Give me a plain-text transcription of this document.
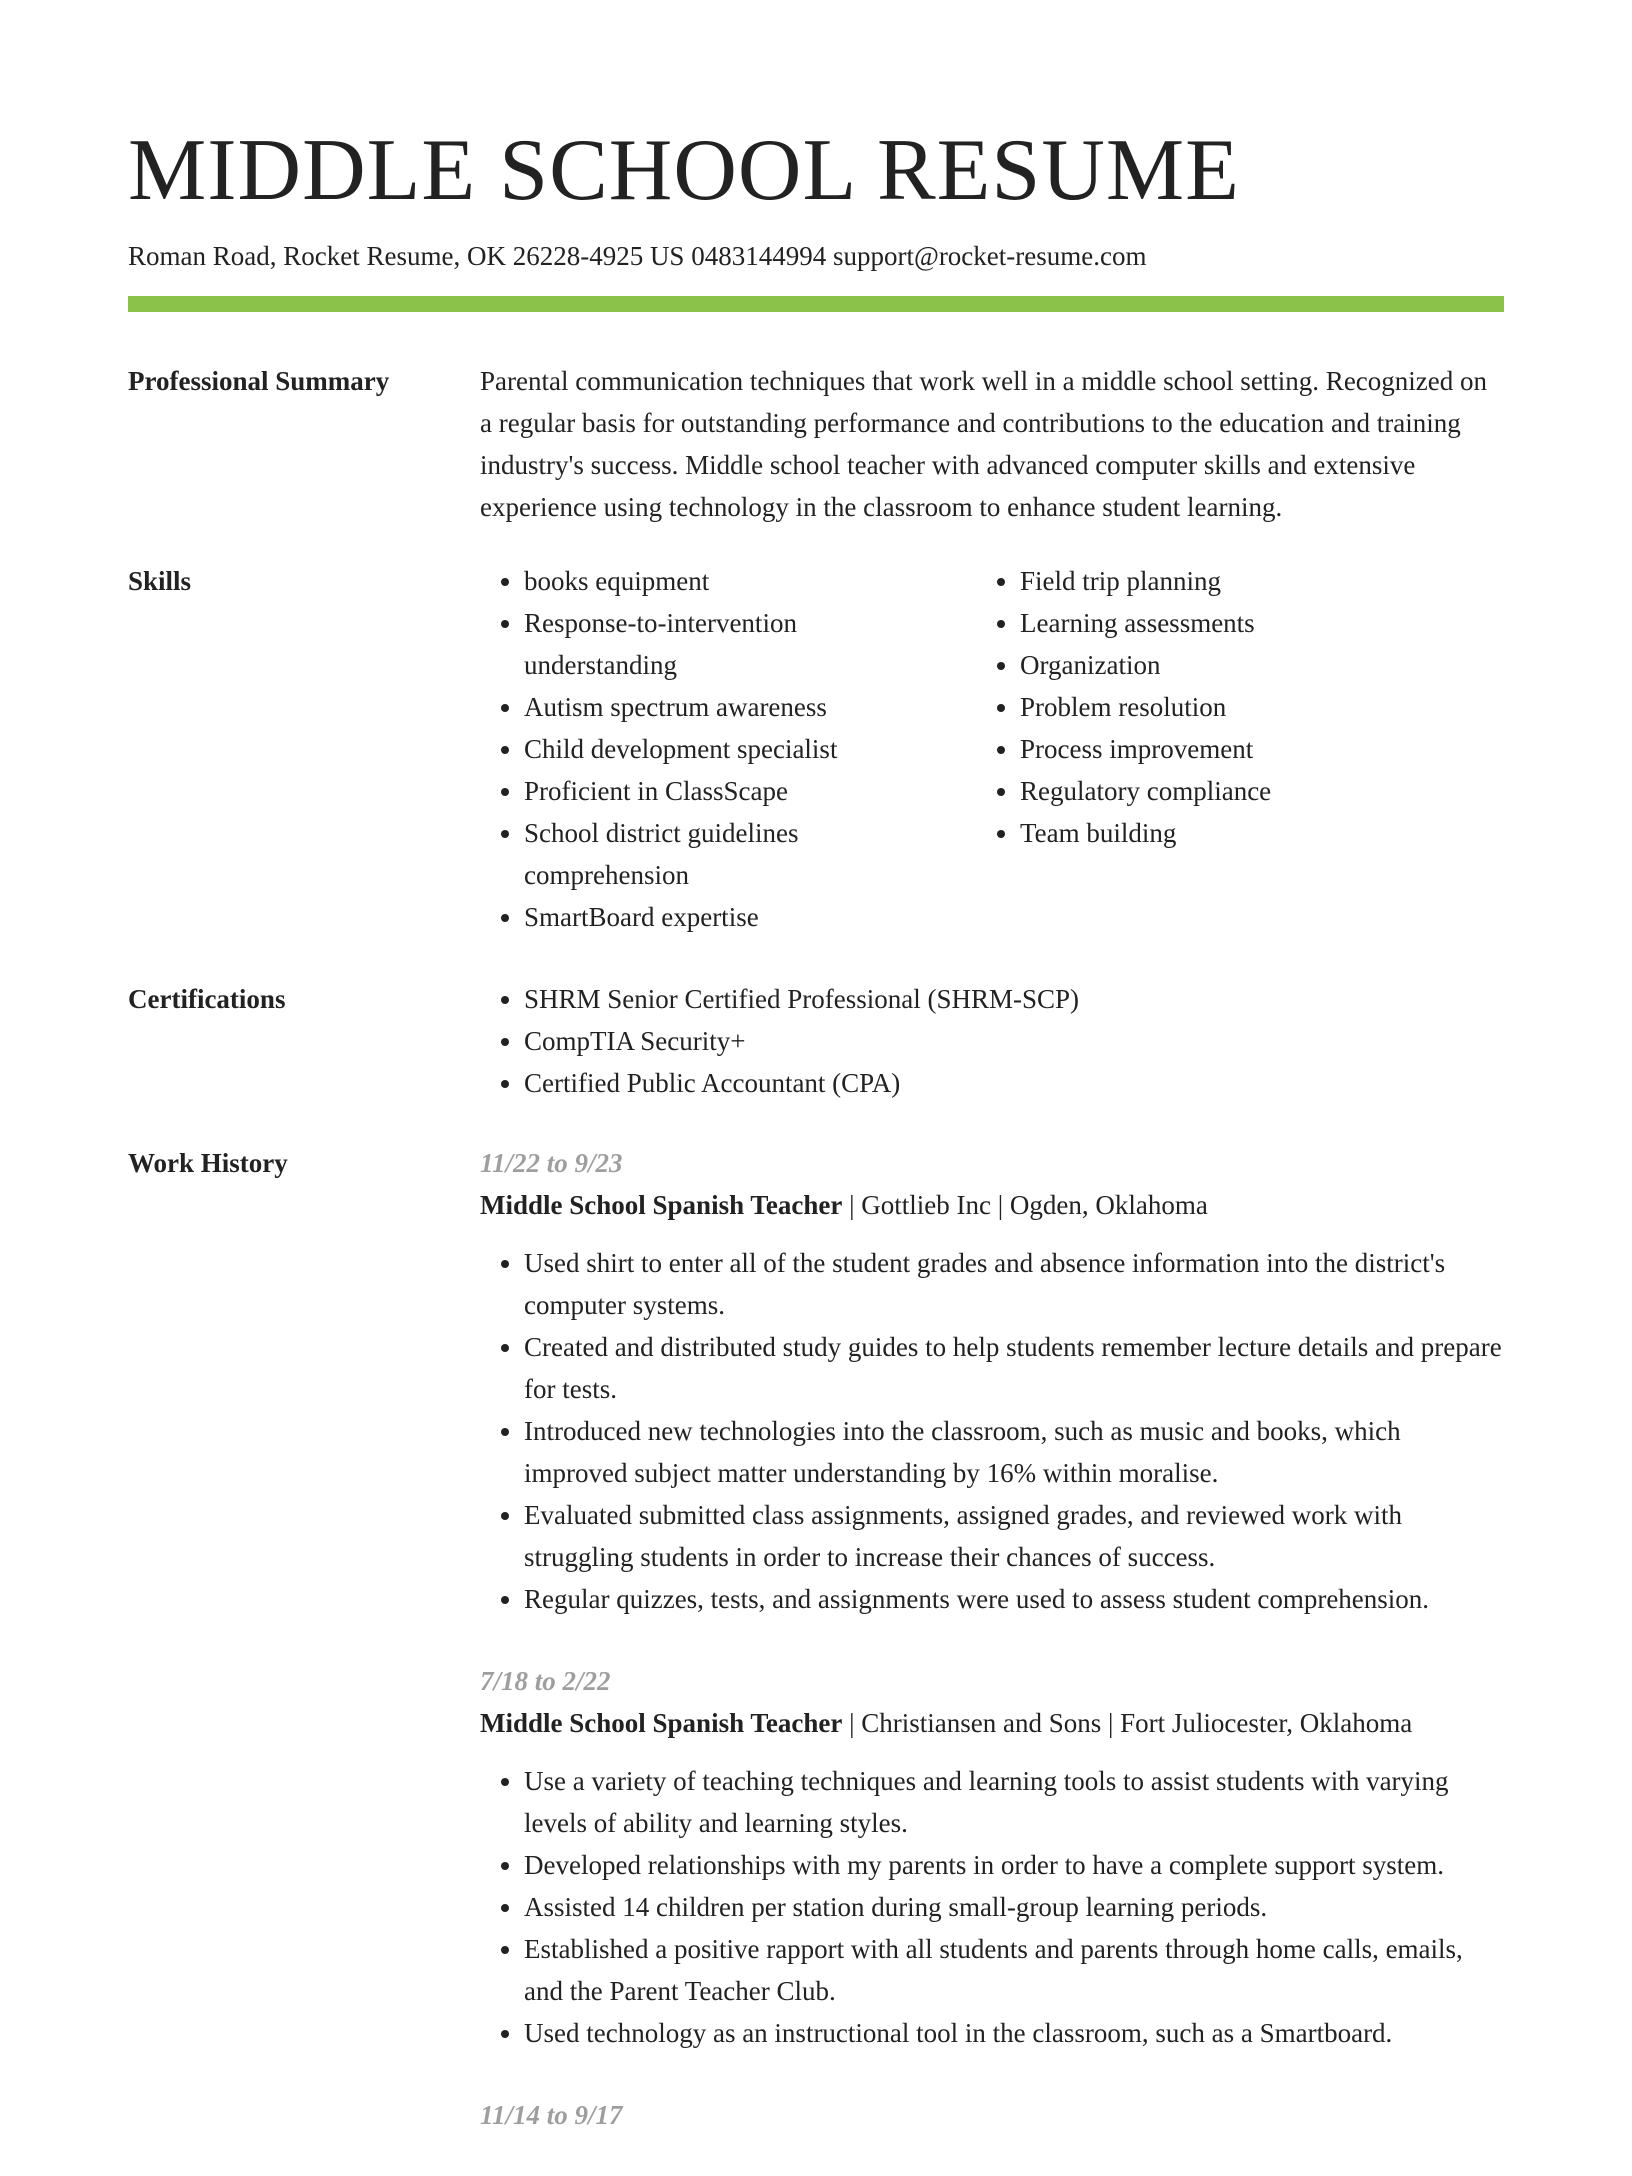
MIDDLE SCHOOL RESUME
Roman Road, Rocket Resume, OK 26228-4925 US 0483144994 support@rocket-resume.com
Professional Summary	Parental communication techniques that work well in a middle school setting. Recognized on a regular basis for outstanding performance and contributions to the education and training industry's success. Middle school teacher with advanced computer skills and extensive experience using technology in the classroom to enhance student learning.

Skills	• books equipment
• Response-to-intervention understanding
• Autism spectrum awareness
• Child development specialist
• Proficient in ClassScape
• School district guidelines comprehension
• SmartBoard expertise
• Field trip planning
• Learning assessments
• Organization
• Problem resolution
• Process improvement
• Regulatory compliance
• Team building
Certifications	• SHRM Senior Certified Professional (SHRM-SCP)
• CompTIA Security+
• Certified Public Accountant (CPA)
Work History	11/22 to 9/23
Middle School Spanish Teacher | Gottlieb Inc | Ogden, Oklahoma
• Used shirt to enter all of the student grades and absence information into the district's computer systems.
• Created and distributed study guides to help students remember lecture details and prepare for tests.
• Introduced new technologies into the classroom, such as music and books, which improved subject matter understanding by 16% within moralise.
• Evaluated submitted class assignments, assigned grades, and reviewed work with struggling students in order to increase their chances of success.
• Regular quizzes, tests, and assignments were used to assess student comprehension.
7/18 to 2/22
Middle School Spanish Teacher | Christiansen and Sons | Fort Juliocester, Oklahoma
• Use a variety of teaching techniques and learning tools to assist students with varying levels of ability and learning styles.
• Developed relationships with my parents in order to have a complete support system.
• Assisted 14 children per station during small-group learning periods.
• Established a positive rapport with all students and parents through home calls, emails, and the Parent Teacher Club.
• Used technology as an instructional tool in the classroom, such as a Smartboard.
11/14 to 9/17
